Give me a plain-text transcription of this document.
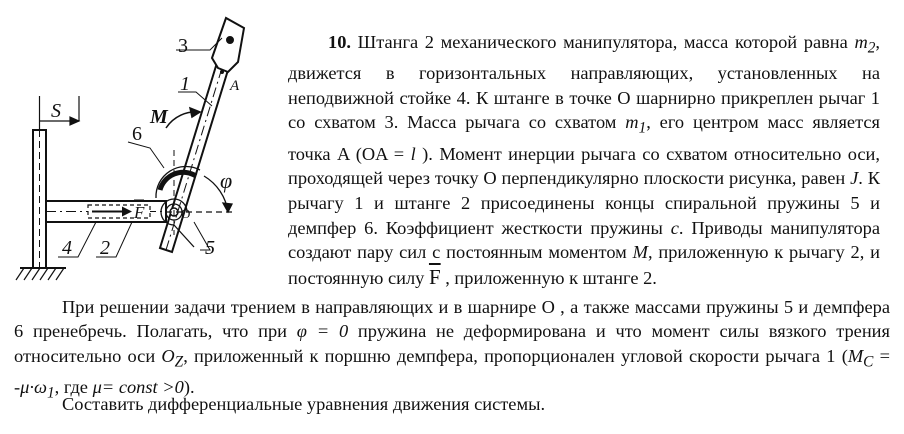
S
F	O
φ
M
A
3
1
6
4 2	5
10. Штанга 2 механического манипулятора, масса которой равна $m_2$, движется в горизонтальных направляющих, установленных на неподвижной стойке 4. К штанге в точке O шарнирно прикреплен рычаг 1 со схватом 3. Масса рычага со схватом $m_1$, его центром масс является точка A (OA = l ). Момент инерции рычага со схватом относительно оси, проходящей через точку O перпендикулярно плоскости рисунка, равен J. К рычагу 1 и штанге 2 присоединены концы спиральной пружины 5 и демпфер 6. Коэффициент жесткости пружины c. Приводы манипулятора создают пару сил с постоянным моментом M, приложенную к рычагу 2, и постоянную силу $\overline{F}$ , приложенную к штанге 2.
При решении задачи трением в направляющих и в шарнире O , а также массами пружины 5 и демпфера 6 пренебречь. Полагать, что при φ = 0 пружина не деформирована и что момент силы вязкого трения относительно оси $O_Z$, приложенный к поршню демпфера, пропорционален угловой скорости рычага 1 ($M_C = -\mu\cdot\omega_1$, где μ= const >0).
Составить дифференциальные уравнения движения системы.
